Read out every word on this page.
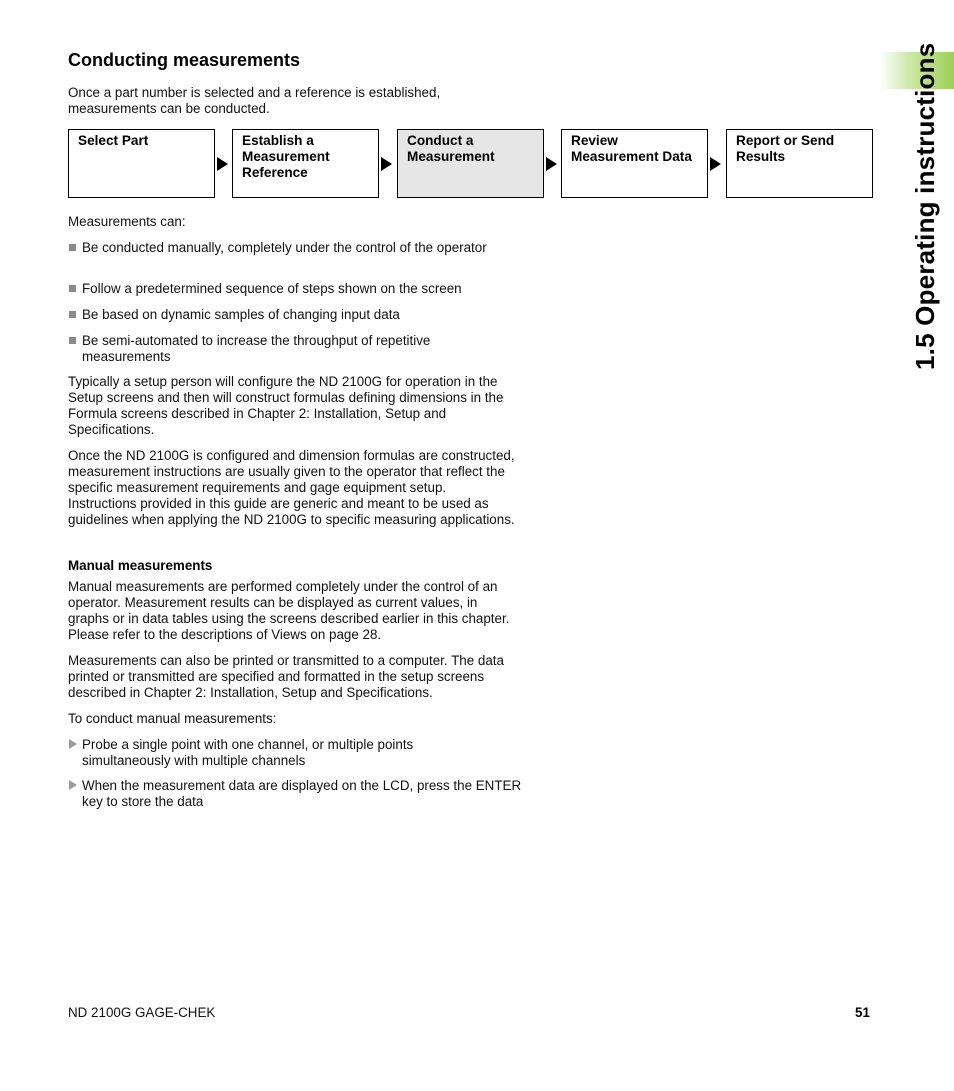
1.5 Operating instructions
Conducting measurements

Once a part number is selected and a reference is established, measurements can be conducted.

Select Part	Establish a Measurement Reference
Conduct a Measurement
Review Measurement Data
Report or Send Results

Measurements can:

Be conducted manually, completely under the control of the operator
Follow a predetermined sequence of steps shown on the screen
Be based on dynamic samples of changing input data
Be semi-automated to increase the throughput of repetitive measurements

Typically a setup person will configure the ND 2100G for operation in the Setup screens and then will construct formulas defining dimensions in the Formula screens described in Chapter 2: Installation, Setup and Specifications.

Once the ND 2100G is configured and dimension formulas are constructed, measurement instructions are usually given to the operator that reflect the specific measurement requirements and gage equipment setup. Instructions provided in this guide are generic and meant to be used as guidelines when applying the ND 2100G to specific measuring applications.

Manual measurements

Manual measurements are performed completely under the control of an operator. Measurement results can be displayed as current values, in graphs or in data tables using the screens described earlier in this chapter. Please refer to the descriptions of Views on page 28.

Measurements can also be printed or transmitted to a computer. The data printed or transmitted are specified and formatted in the setup screens described in Chapter 2: Installation, Setup and Specifications.

To conduct manual measurements:

Probe a single point with one channel, or multiple points simultaneously with multiple channels
When the measurement data are displayed on the LCD, press the ENTER key to store the data
ND 2100G GAGE-CHEK	51
